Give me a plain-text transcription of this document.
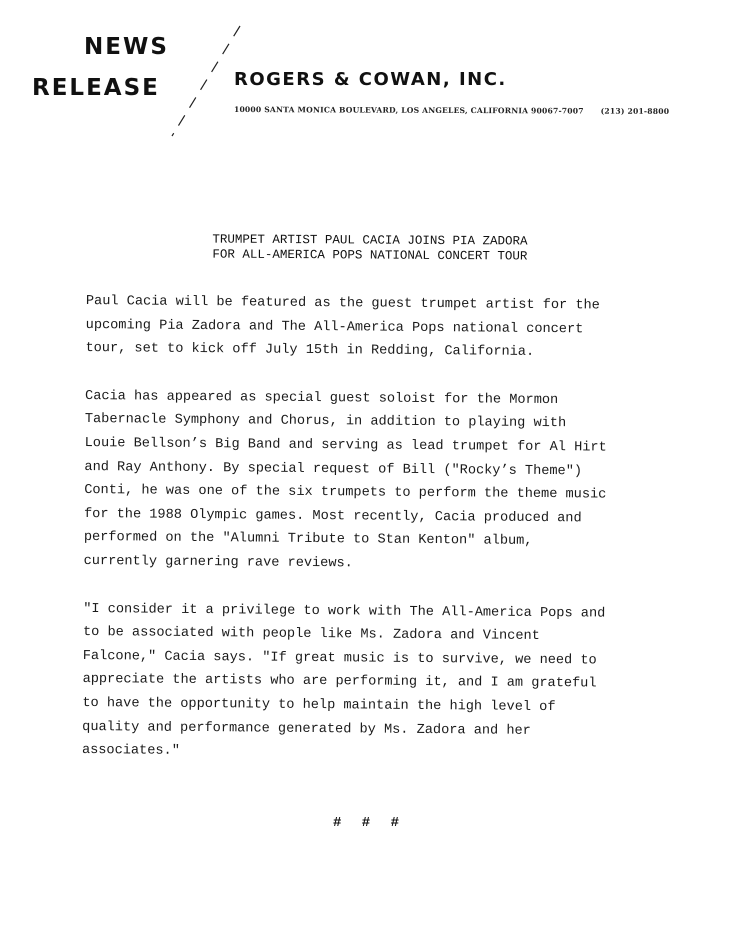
NEWS
RELEASE	ROGERS & COWAN, INC.
10000 SANTA MONICA BOULEVARD, LOS ANGELES, CALIFORNIA 90067-7007 (213) 201-8800
TRUMPET ARTIST PAUL CACIA JOINS PIA ZADORA
FOR ALL-AMERICA POPS NATIONAL CONCERT TOUR
Paul Cacia will be featured as the guest trumpet artist for the
upcoming Pia Zadora and The All-America Pops national concert
tour, set to kick off July 15th in Redding, California.
Cacia has appeared as special guest soloist for the Mormon
Tabernacle Symphony and Chorus, in addition to playing with
Louie Bellson’s Big Band and serving as lead trumpet for Al Hirt
and Ray Anthony. By special request of Bill ("Rocky’s Theme")
Conti, he was one of the six trumpets to perform the theme music
for the 1988 Olympic games. Most recently, Cacia produced and
performed on the "Alumni Tribute to Stan Kenton" album,
currently garnering rave reviews.
"I consider it a privilege to work with The All-America Pops and
to be associated with people like Ms. Zadora and Vincent
Falcone," Cacia says. "If great music is to survive, we need to
appreciate the artists who are performing it, and I am grateful
to have the opportunity to help maintain the high level of
quality and performance generated by Ms. Zadora and her
associates."
# # #
